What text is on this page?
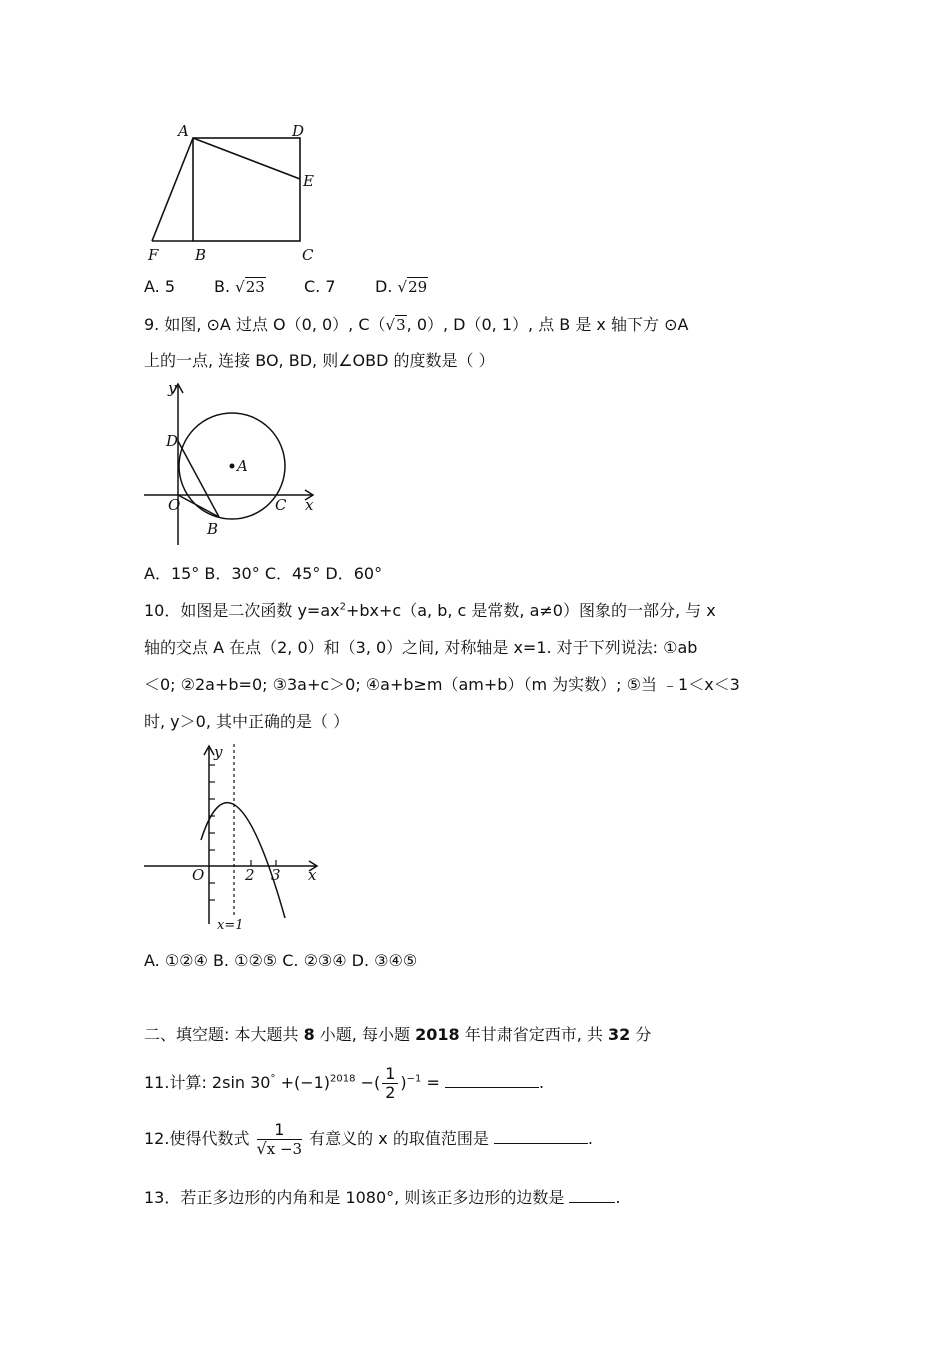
A	D
E
F B	C
A. 5 B. √23 C. 7 D. √29
9. 如图, ⊙A 过点 O（0, 0）, C（√3, 0）, D（0, 1）, 点 B 是 x 轴下方 ⊙A
上的一点, 连接 BO, BD, 则∠OBD 的度数是（ ）
y
D
A
O	C x
B
A．15° B．30° C．45° D．60°
10．如图是二次函数 $y=ax^2+bx+c(a$, b, c 是常数, a≠0）图象的一部分, 与 x
轴的交点 A 在点（2, 0）和（3, 0）之间, 对称轴是 x=1. 对于下列说法: ①ab
＜0; ②2a+b=0; ③3a+c＞0; ④a+b≥m（am+b）（m 为实数）; ⑤当 ﹣1＜x＜3
时, y＞0, 其中正确的是（ ）
y
O	2 3 x
x=1
A. ①②④ B. ①②⑤ C. ②③④ D. ③④⑤
二、填空题: 本大题共 8 小题, 每小题 2018 年甘肃省定西市, 共 32 分
11.计算: 2sin $30^\circ +(-1)^{2018}$ −( $\frac{1}{2} )^{-1}$ =	.
12.使得代数式 $\frac{1}{√x -3}$ 有意义的 x 的取值范围是	.
13．若正多边形的内角和是 1080°, 则该正多边形的边数是	.
